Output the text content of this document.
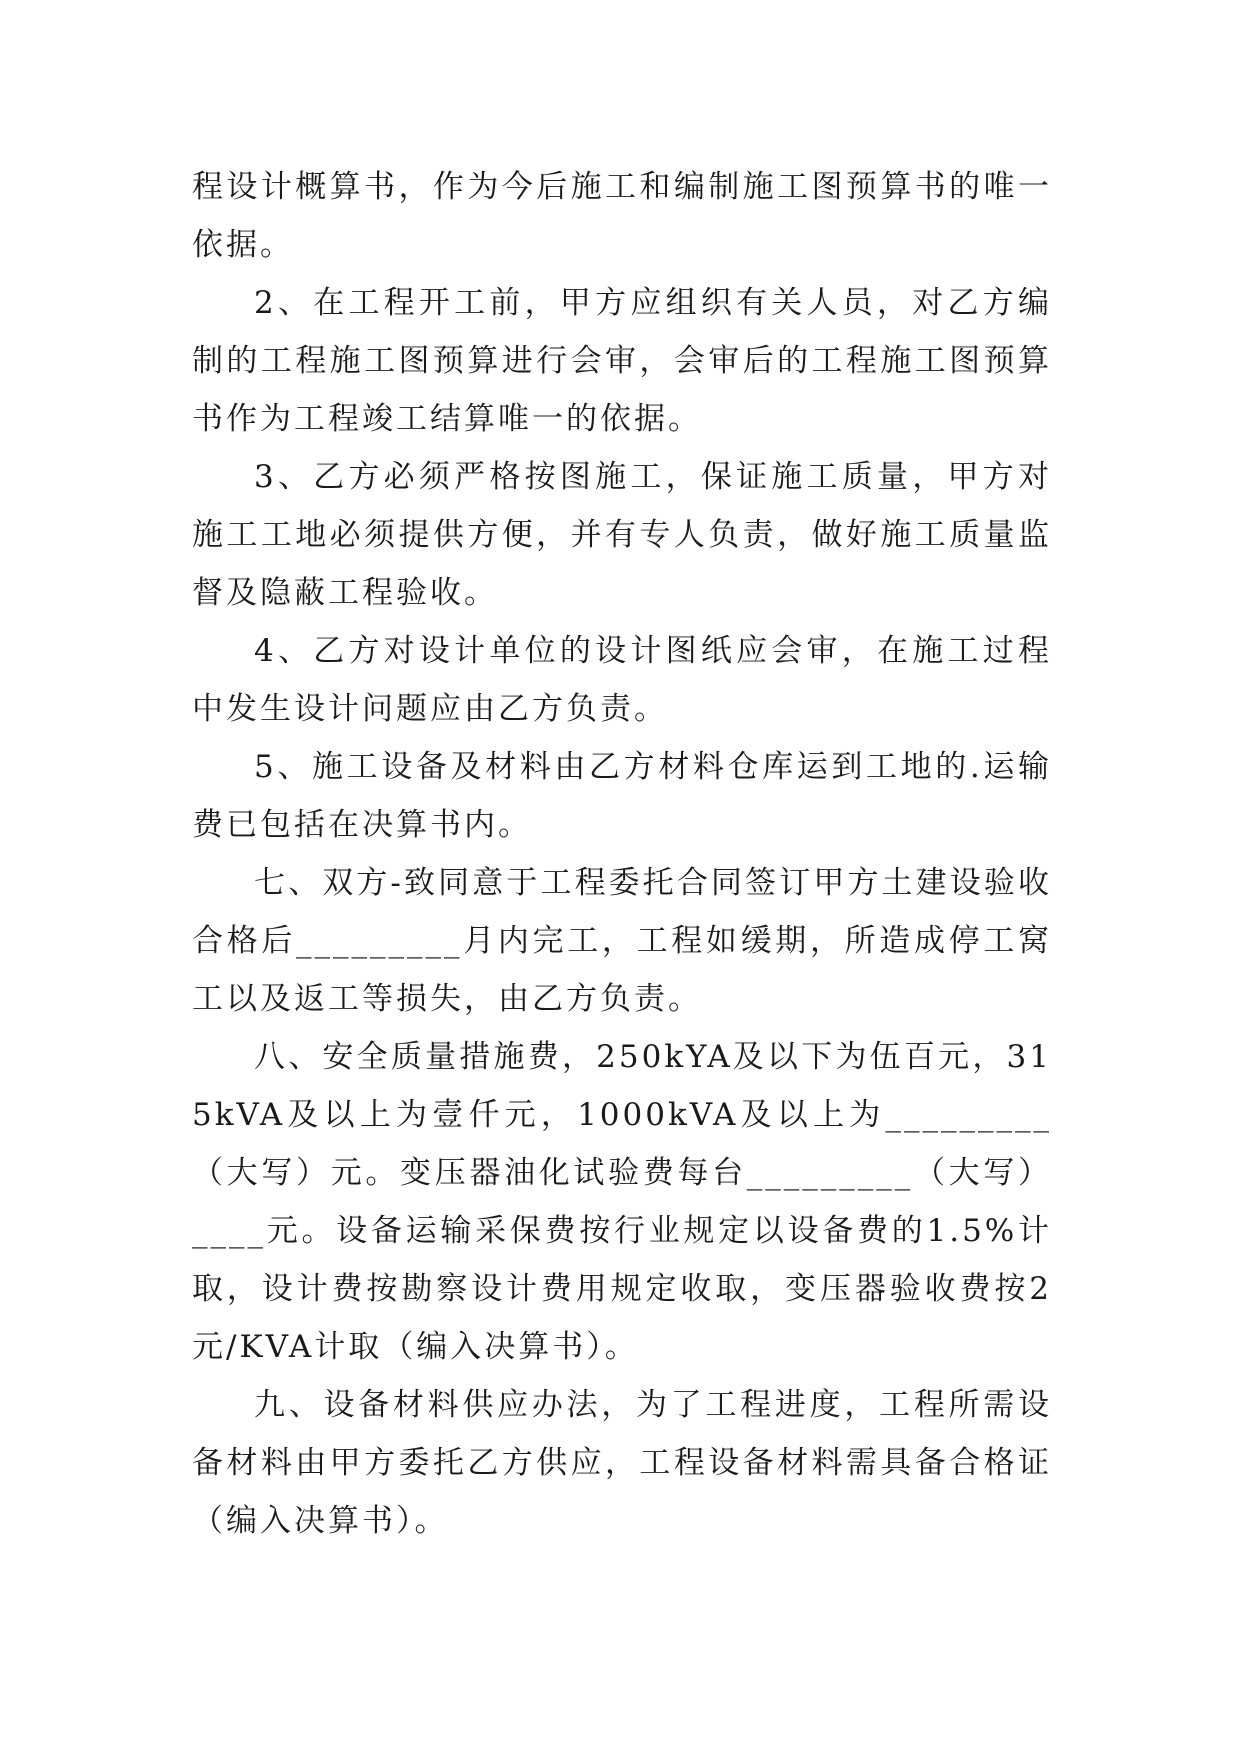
程设计概算书，作为今后施工和编制施工图预算书的唯一依据。

2、在工程开工前，甲方应组织有关人员，对乙方编制的工程施工图预算进行会审，会审后的工程施工图预算书作为工程竣工结算唯一的依据。

3、乙方必须严格按图施工，保证施工质量，甲方对施工工地必须提供方便，并有专人负责，做好施工质量监督及隐蔽工程验收。

4、乙方对设计单位的设计图纸应会审，在施工过程中发生设计问题应由乙方负责。

5、施工设备及材料由乙方材料仓库运到工地的.运输费已包括在决算书内。

七、双方-致同意于工程委托合同签订甲方土建设验收合格后_________月内完工，工程如缓期，所造成停工窝工以及返工等损失，由乙方负责。

八、安全质量措施费，250kYA及以下为伍百元，315kVA及以上为壹仟元，1000kVA及以上为_________（大写）元。变压器油化试验费每台_________（大写）____元。设备运输采保费按行业规定以设备费的1.5%计取，设计费按勘察设计费用规定收取，变压器验收费按2元/KVA计取（编入决算书）。

九、设备材料供应办法，为了工程进度，工程所需设备材料由甲方委托乙方供应，工程设备材料需具备合格证（编入决算书）。
